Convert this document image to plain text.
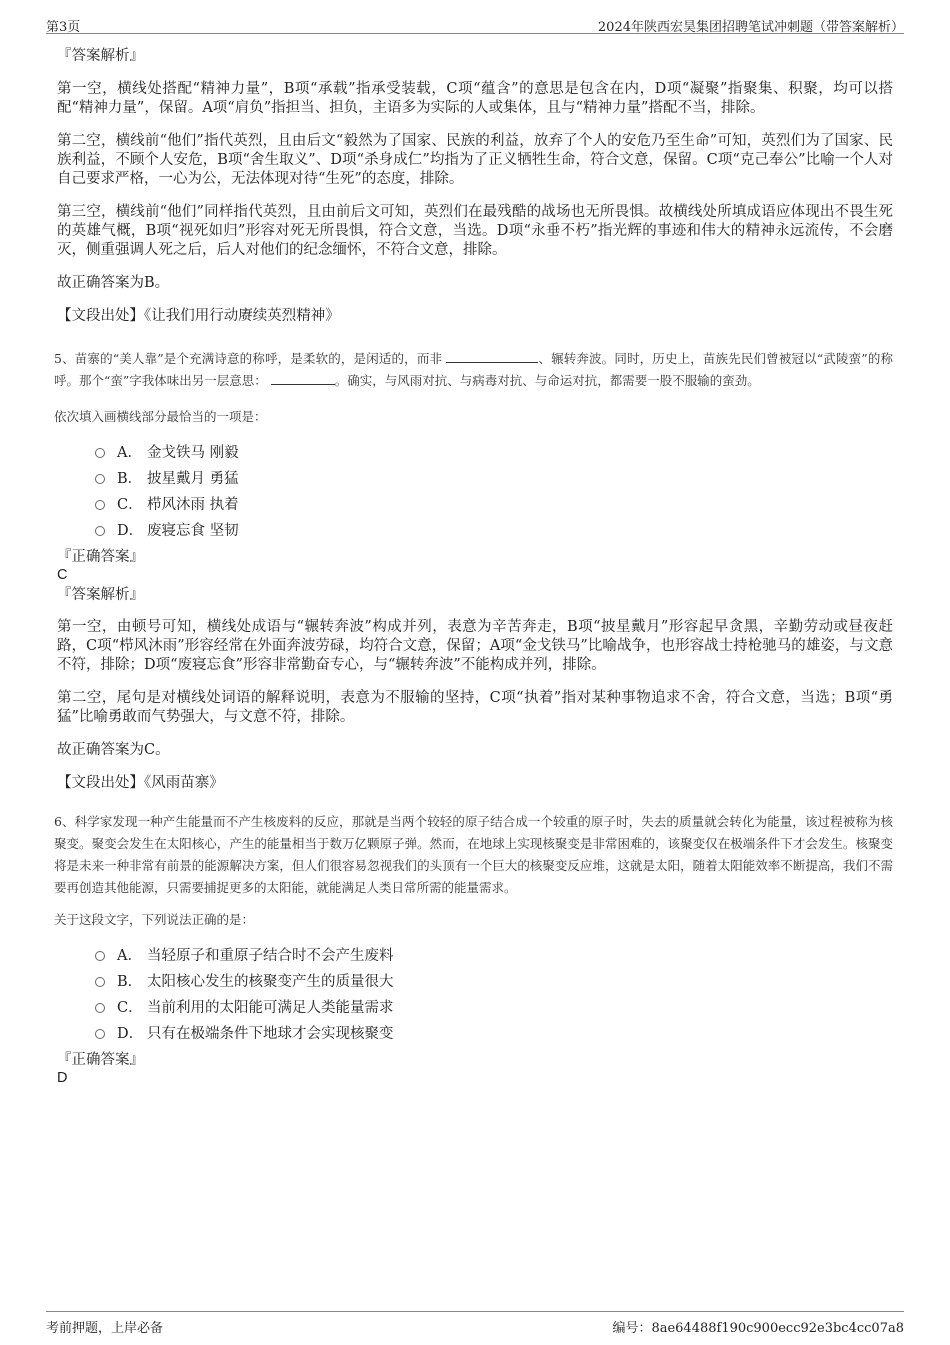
第3页	2024年陕西宏昊集团招聘笔试冲刺题（带答案解析）
『答案解析』
第一空，横线处搭配“精神力量”，B项“承载”指承受装载，C项“蕴含”的意思是包含在内，D项“凝聚”指聚集、积聚，均可以搭配“精神力量”，保留。A项“肩负”指担当、担负，主语多为实际的人或集体，且与“精神力量”搭配不当，排除。
第二空，横线前“他们”指代英烈，且由后文“毅然为了国家、民族的利益，放弃了个人的安危乃至生命”可知，英烈们为了国家、民族利益，不顾个人安危，B项“舍生取义”、D项“杀身成仁”均指为了正义牺牲生命，符合文意，保留。C项“克己奉公”比喻一个人对自己要求严格，一心为公，无法体现对待“生死”的态度，排除。
第三空，横线前“他们”同样指代英烈，且由前后文可知，英烈们在最残酷的战场也无所畏惧。故横线处所填成语应体现出不畏生死的英雄气概，B项“视死如归”形容对死无所畏惧，符合文意，当选。D项“永垂不朽”指光辉的事迹和伟大的精神永远流传，不会磨灭，侧重强调人死之后，后人对他们的纪念缅怀，不符合文意，排除。
故正确答案为B。
【文段出处】《让我们用行动赓续英烈精神》
5、苗寨的“美人靠”是个充满诗意的称呼，是柔软的，是闲适的，而非	、辗转奔波。同时，历史上，苗族先民们曾被冠以“武陵蛮”的称呼。那个“蛮”字我体味出另一层意思：	。确实，与风雨对抗、与病毒对抗、与命运对抗，都需要一股不服输的蛮劲。
依次填入画横线部分最恰当的一项是：
A． 金戈铁马 刚毅
B． 披星戴月 勇猛
C． 栉风沐雨 执着
D． 废寝忘食 坚韧
『正确答案』
C
『答案解析』
第一空，由顿号可知，横线处成语与“辗转奔波”构成并列，表意为辛苦奔走，B项“披星戴月”形容起早贪黑，辛勤劳动或昼夜赶路，C项“栉风沐雨”形容经常在外面奔波劳碌，均符合文意，保留；A项“金戈铁马”比喻战争，也形容战士持枪驰马的雄姿，与文意不符，排除；D项“废寝忘食”形容非常勤奋专心，与“辗转奔波”不能构成并列，排除。
第二空，尾句是对横线处词语的解释说明，表意为不服输的坚持，C项“执着”指对某种事物追求不舍，符合文意，当选；B项“勇猛”比喻勇敢而气势强大，与文意不符，排除。
故正确答案为C。
【文段出处】《风雨苗寨》
6、科学家发现一种产生能量而不产生核废料的反应，那就是当两个较轻的原子结合成一个较重的原子时，失去的质量就会转化为能量，该过程被称为核聚变。聚变会发生在太阳核心，产生的能量相当于数万亿颗原子弹。然而，在地球上实现核聚变是非常困难的，该聚变仅在极端条件下才会发生。核聚变将是未来一种非常有前景的能源解决方案，但人们很容易忽视我们的头顶有一个巨大的核聚变反应堆，这就是太阳，随着太阳能效率不断提高，我们不需要再创造其他能源，只需要捕捉更多的太阳能，就能满足人类日常所需的能量需求。
关于这段文字，下列说法正确的是：
A． 当轻原子和重原子结合时不会产生废料
B． 太阳核心发生的核聚变产生的质量很大
C． 当前利用的太阳能可满足人类能量需求
D． 只有在极端条件下地球才会实现核聚变
『正确答案』
D
考前押题，上岸必备	编号：8ae64488f190c900ecc92e3bc4cc07a8
